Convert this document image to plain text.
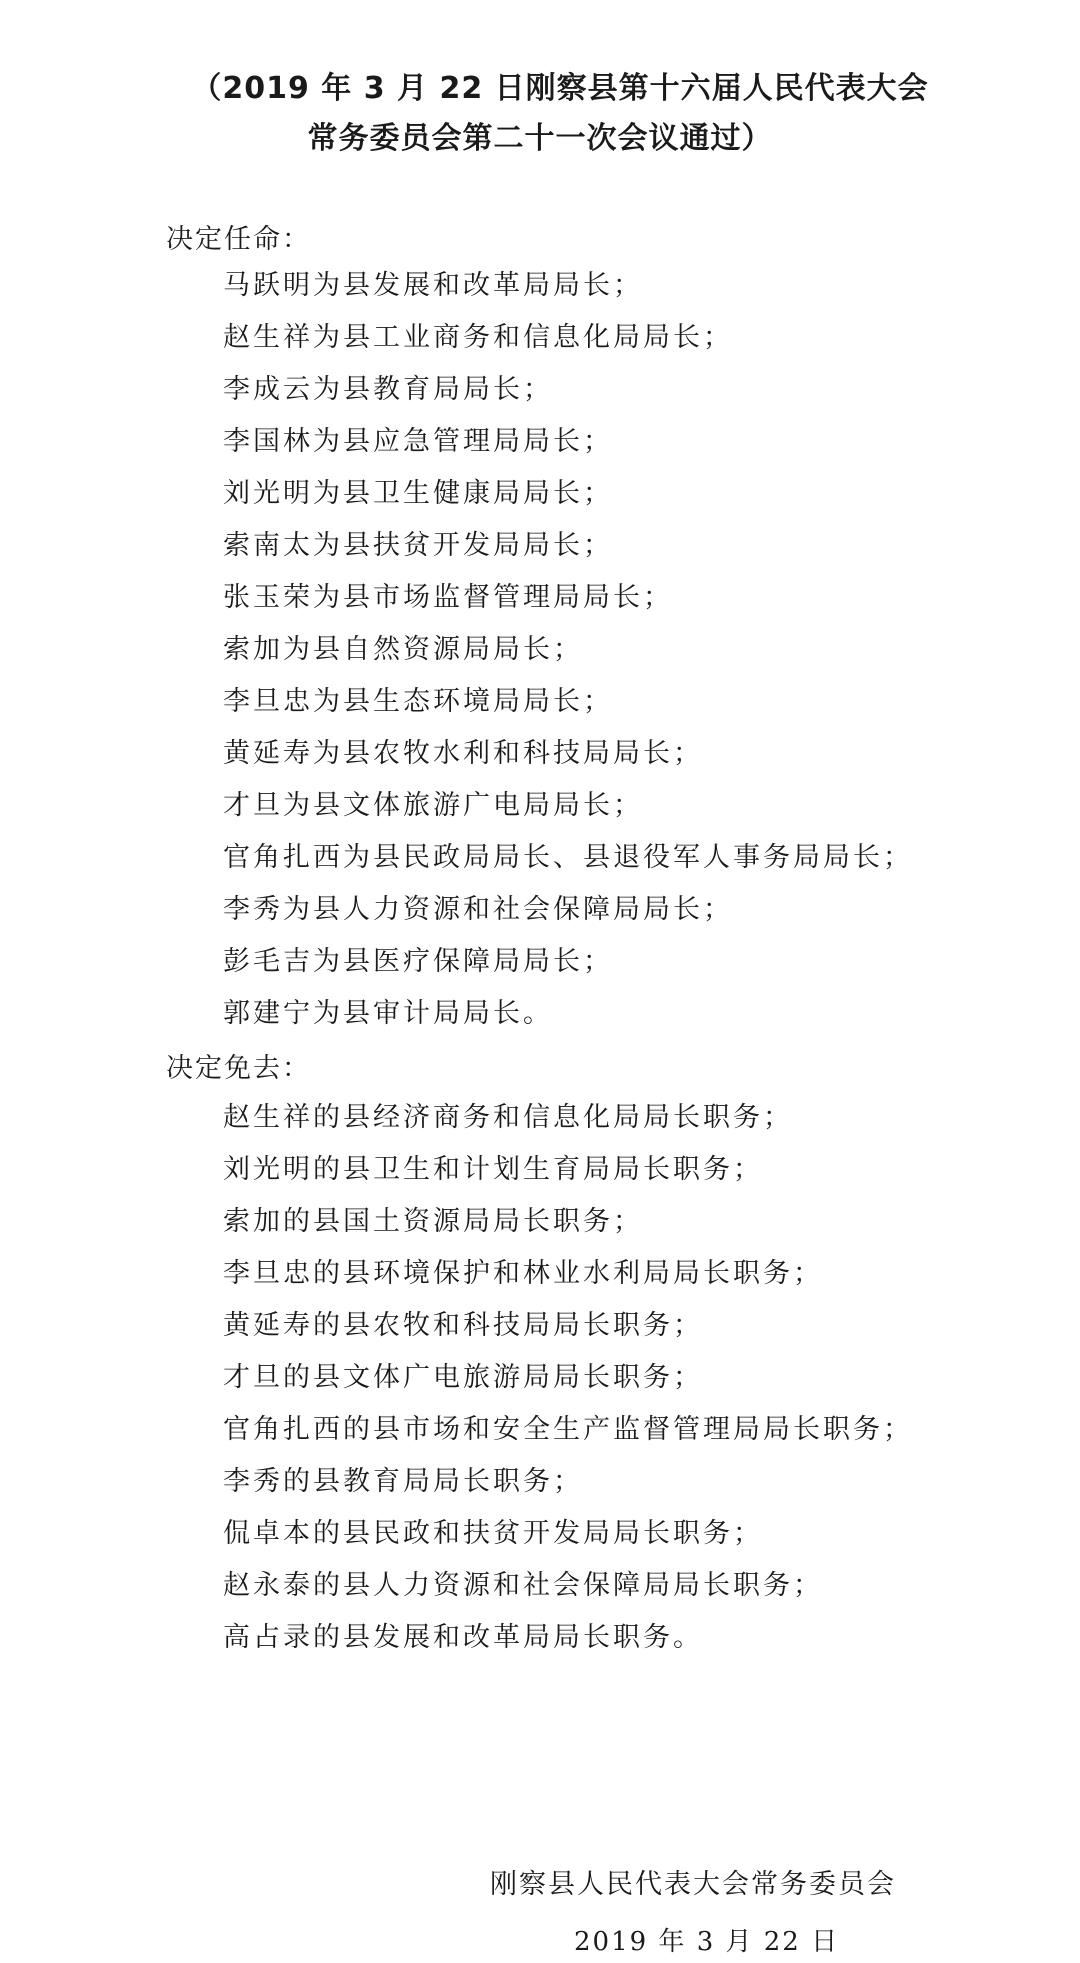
（2019 年 3 月 22 日刚察县第十六届人民代表大会
常务委员会第二十一次会议通过）
决定任命：
马跃明为县发展和改革局局长；
赵生祥为县工业商务和信息化局局长；
李成云为县教育局局长；
李国林为县应急管理局局长；
刘光明为县卫生健康局局长；
索南太为县扶贫开发局局长；
张玉荣为县市场监督管理局局长；
索加为县自然资源局局长；
李旦忠为县生态环境局局长；
黄延寿为县农牧水利和科技局局长；
才旦为县文体旅游广电局局长；
官角扎西为县民政局局长、县退役军人事务局局长；
李秀为县人力资源和社会保障局局长；
彭毛吉为县医疗保障局局长；
郭建宁为县审计局局长。
决定免去：
赵生祥的县经济商务和信息化局局长职务；
刘光明的县卫生和计划生育局局长职务；
索加的县国土资源局局长职务；
李旦忠的县环境保护和林业水利局局长职务；
黄延寿的县农牧和科技局局长职务；
才旦的县文体广电旅游局局长职务；
官角扎西的县市场和安全生产监督管理局局长职务；
李秀的县教育局局长职务；
侃卓本的县民政和扶贫开发局局长职务；
赵永泰的县人力资源和社会保障局局长职务；
高占录的县发展和改革局局长职务。
刚察县人民代表大会常务委员会
2019 年 3 月 22 日
